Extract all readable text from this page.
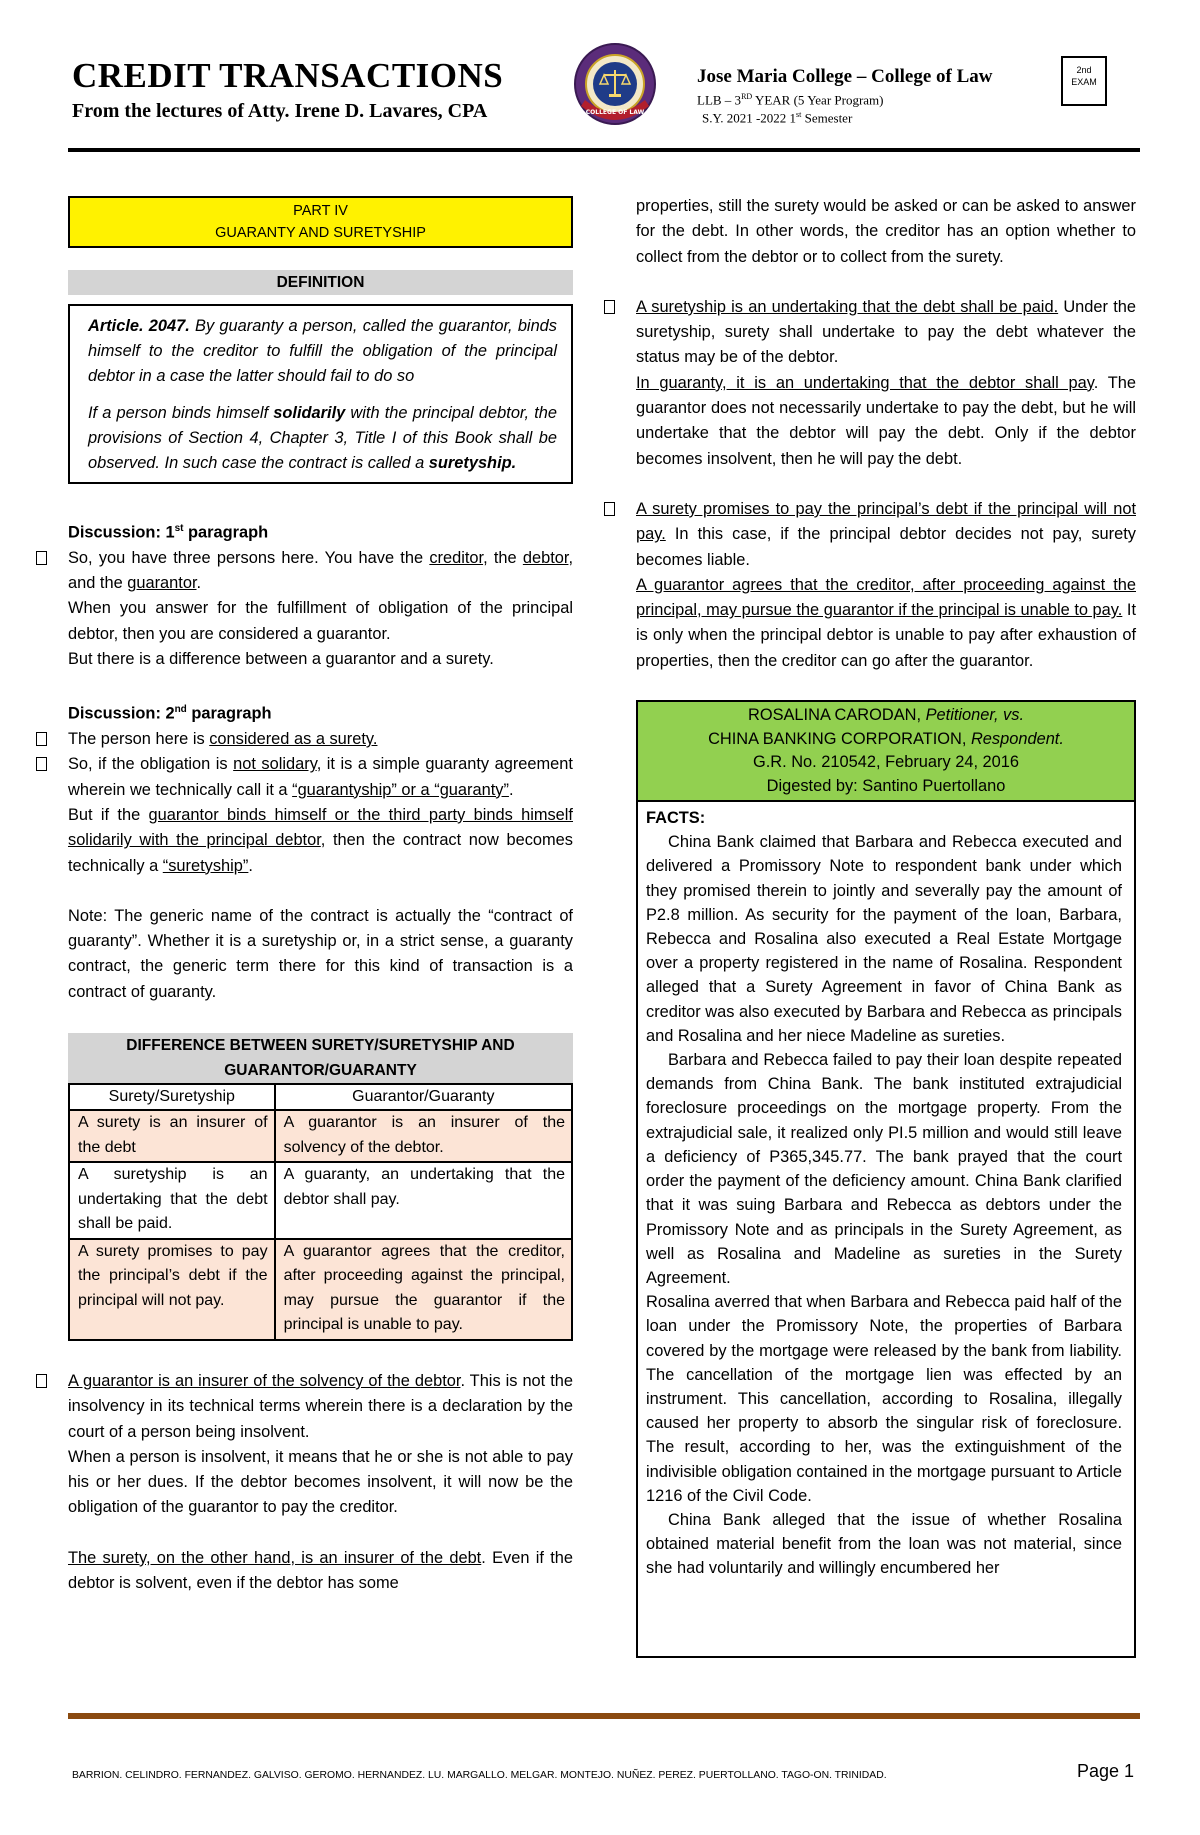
CREDIT TRANSACTIONS
From the lectures of Atty. Irene D. Lavares, CPA	COLLEGE OF LAW
Jose Maria College – College of Law
LLB – 3RD YEAR (5 Year Program)
S.Y. 2021 -2022 1st Semester
2nd
EXAM
PART IV
GUARANTY AND SURETYSHIP
DEFINITION

Article. 2047. By guaranty a person, called the guarantor, binds himself to the creditor to fulfill the obligation of the principal debtor in a case the latter should fail to do so

If a person binds himself solidarily with the principal debtor, the provisions of Section 4, Chapter 3, Title I of this Book shall be observed. In such case the contract is called a suretyship.

Discussion: 1st paragraph

So, you have three persons here. You have the creditor, the debtor, and the guarantor.

When you answer for the fulfillment of obligation of the principal debtor, then you are considered a guarantor.

But there is a difference between a guarantor and a surety.

Discussion: 2nd paragraph

The person here is considered as a surety.

So, if the obligation is not solidary, it is a simple guaranty agreement wherein we technically call it a “guarantyship” or a “guaranty”.

But if the guarantor binds himself or the third party binds himself solidarily with the principal debtor, then the contract now becomes technically a “suretyship”.

Note: The generic name of the contract is actually the “contract of guaranty”. Whether it is a suretyship or, in a strict sense, a guaranty contract, the generic term there for this kind of transaction is a contract of guaranty.

DIFFERENCE BETWEEN SURETY/SURETYSHIP AND GUARANTOR/GUARANTY
Surety/Suretyship	Guarantor/Guaranty
A surety is an insurer of the debt	A guarantor is an insurer of the solvency of the debtor.
A suretyship is an undertaking that the debt shall be paid.	A guaranty, an undertaking that the debtor shall pay.
A surety promises to pay the principal’s debt if the principal will not pay.	A guarantor agrees that the creditor, after proceeding against the principal, may pursue the guarantor if the principal is unable to pay.

A guarantor is an insurer of the solvency of the debtor. This is not the insolvency in its technical terms wherein there is a declaration by the court of a person being insolvent.

When a person is insolvent, it means that he or she is not able to pay his or her dues. If the debtor becomes insolvent, it will now be the obligation of the guarantor to pay the creditor.

The surety, on the other hand, is an insurer of the debt. Even if the debtor is solvent, even if the debtor has some

properties, still the surety would be asked or can be asked to answer for the debt. In other words, the creditor has an option whether to collect from the debtor or to collect from the surety.

A suretyship is an undertaking that the debt shall be paid. Under the suretyship, surety shall undertake to pay the debt whatever the status may be of the debtor.

In guaranty, it is an undertaking that the debtor shall pay. The guarantor does not necessarily undertake to pay the debt, but he will undertake that the debtor will pay the debt. Only if the debtor becomes insolvent, then he will pay the debt.

A surety promises to pay the principal’s debt if the principal will not pay. In this case, if the principal debtor decides not pay, surety becomes liable.

A guarantor agrees that the creditor, after proceeding against the principal, may pursue the guarantor if the principal is unable to pay. It is only when the principal debtor is unable to pay after exhaustion of properties, then the creditor can go after the guarantor.

ROSALINA CARODAN, Petitioner, vs.
CHINA BANKING CORPORATION, Respondent.
G.R. No. 210542, February 24, 2016
Digested by: Santino Puertollano

FACTS:

China Bank claimed that Barbara and Rebecca executed and delivered a Promissory Note to respondent bank under which they promised therein to jointly and severally pay the amount of P2.8 million. As security for the payment of the loan, Barbara, Rebecca and Rosalina also executed a Real Estate Mortgage over a property registered in the name of Rosalina. Respondent alleged that a Surety Agreement in favor of China Bank as creditor was also executed by Barbara and Rebecca as principals and Rosalina and her niece Madeline as sureties.

Barbara and Rebecca failed to pay their loan despite repeated demands from China Bank. The bank instituted extrajudicial foreclosure proceedings on the mortgage property. From the extrajudicial sale, it realized only PI.5 million and would still leave a deficiency of P365,345.77. The bank prayed that the court order the payment of the deficiency amount. China Bank clarified that it was suing Barbara and Rebecca as debtors under the Promissory Note and as principals in the Surety Agreement, as well as Rosalina and Madeline as sureties in the Surety Agreement.

Rosalina averred that when Barbara and Rebecca paid half of the loan under the Promissory Note, the properties of Barbara covered by the mortgage were released by the bank from liability. The cancellation of the mortgage lien was effected by an instrument. This cancellation, according to Rosalina, illegally caused her property to absorb the singular risk of foreclosure. The result, according to her, was the extinguishment of the indivisible obligation contained in the mortgage pursuant to Article 1216 of the Civil Code.

China Bank alleged that the issue of whether Rosalina obtained material benefit from the loan was not material, since she had voluntarily and willingly encumbered her

BARRION. CELINDRO. FERNANDEZ. GALVISO. GEROMO. HERNANDEZ. LU. MARGALLO. MELGAR. MONTEJO. NUÑEZ. PEREZ. PUERTOLLANO. TAGO-ON. TRINIDAD.	Page 1
